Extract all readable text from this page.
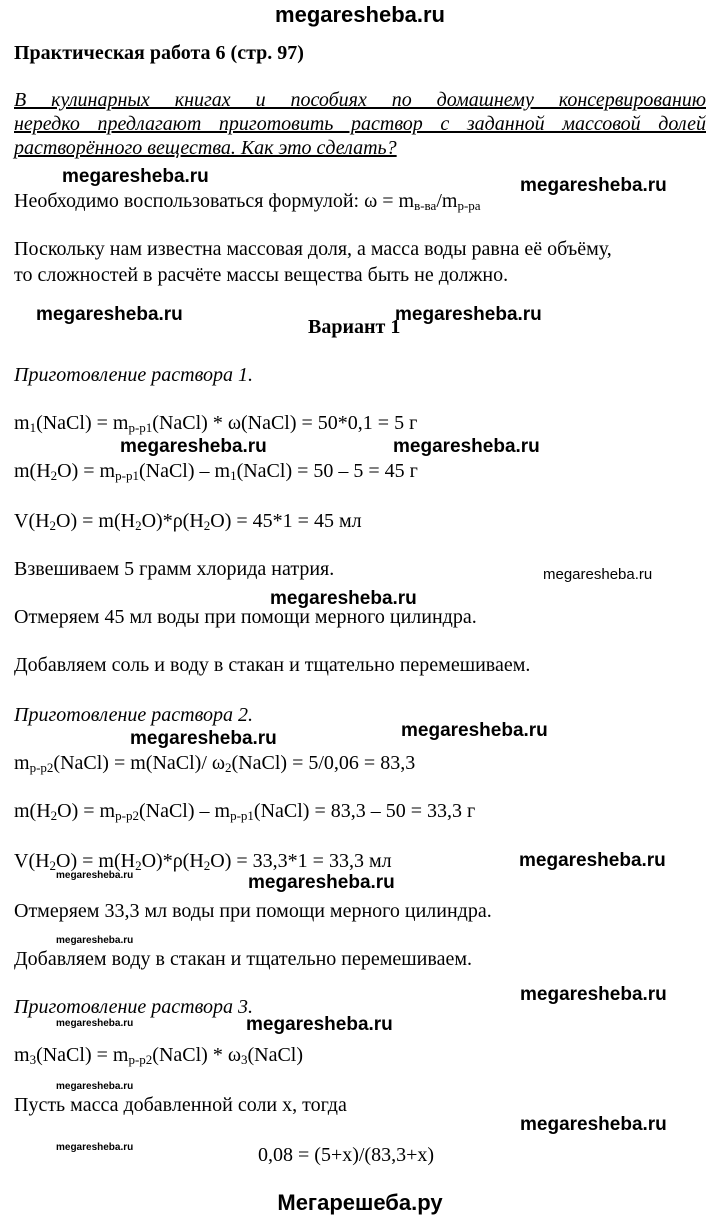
megaresheba.ru
Мегарешеба.ру
Практическая работа 6 (стр. 97)
В кулинарных книгах и пособиях по домашнему консервированию
нередко предлагают приготовить раствор с заданной массовой долей
растворённого вещества. Как это сделать?
Необходимо воспользоваться формулой: $\omega = m_{в-ва}/m_{р-ра}$
Поскольку нам известна массовая доля, а масса воды равна её объёму,
то сложностей в расчёте массы вещества быть не должно.
Вариант 1
Приготовление раствора 1.
$m_1(NaCl)$ = $m_{р-р1}(NaCl)$ * ω(NaCl) = 50*0,1 = 5 г
$m(H_2O)$ = $m_{р-р1}(NaCl)$ – $m_1(NaCl) = 50 - 5 = 45$ г
$V(H_2O) = m(H_2O)*\rho(H_2O) = 45*1 = 45$ мл
Взвешиваем 5 грамм хлорида натрия.
Отмеряем 45 мл воды при помощи мерного цилиндра.
Добавляем соль и воду в стакан и тщательно перемешиваем.
Приготовление раствора 2.
$m_{р-р2}(NaCl)$ = m(NaCl)/ $\omega_2(NaCl) = 5/0,06 = 83,3$
$m(H_2O)$ = $m_{р-р2}(NaCl)$ – $m_{р-р1}(NaCl) = 83,3 - 50 = 33,3$ г
$V(H_2O) = m(H_2O)*\rho(H_2O) = 33,3*1 = 33,3$ мл
Отмеряем 33,3 мл воды при помощи мерного цилиндра.
Добавляем воду в стакан и тщательно перемешиваем.
Приготовление раствора 3.
$m_3(NaCl)$ = $m_{р-р2}(NaCl)$ * $\omega_3(NaCl)$
Пусть масса добавленной соли x, тогда
0,08 = (5+x)/(83,3+x)
megaresheba.ru	megaresheba.ru
megaresheba.ru	megaresheba.ru
megaresheba.ru	megaresheba.ru
megaresheba.ru
megaresheba.ru
megaresheba.ru
megaresheba.ru
megaresheba.ru
megaresheba.ru
megaresheba.ru
megaresheba.ru
megaresheba.ru
megaresheba.ru
megaresheba.ru
megaresheba.ru
megaresheba.ru
megaresheba.ru
